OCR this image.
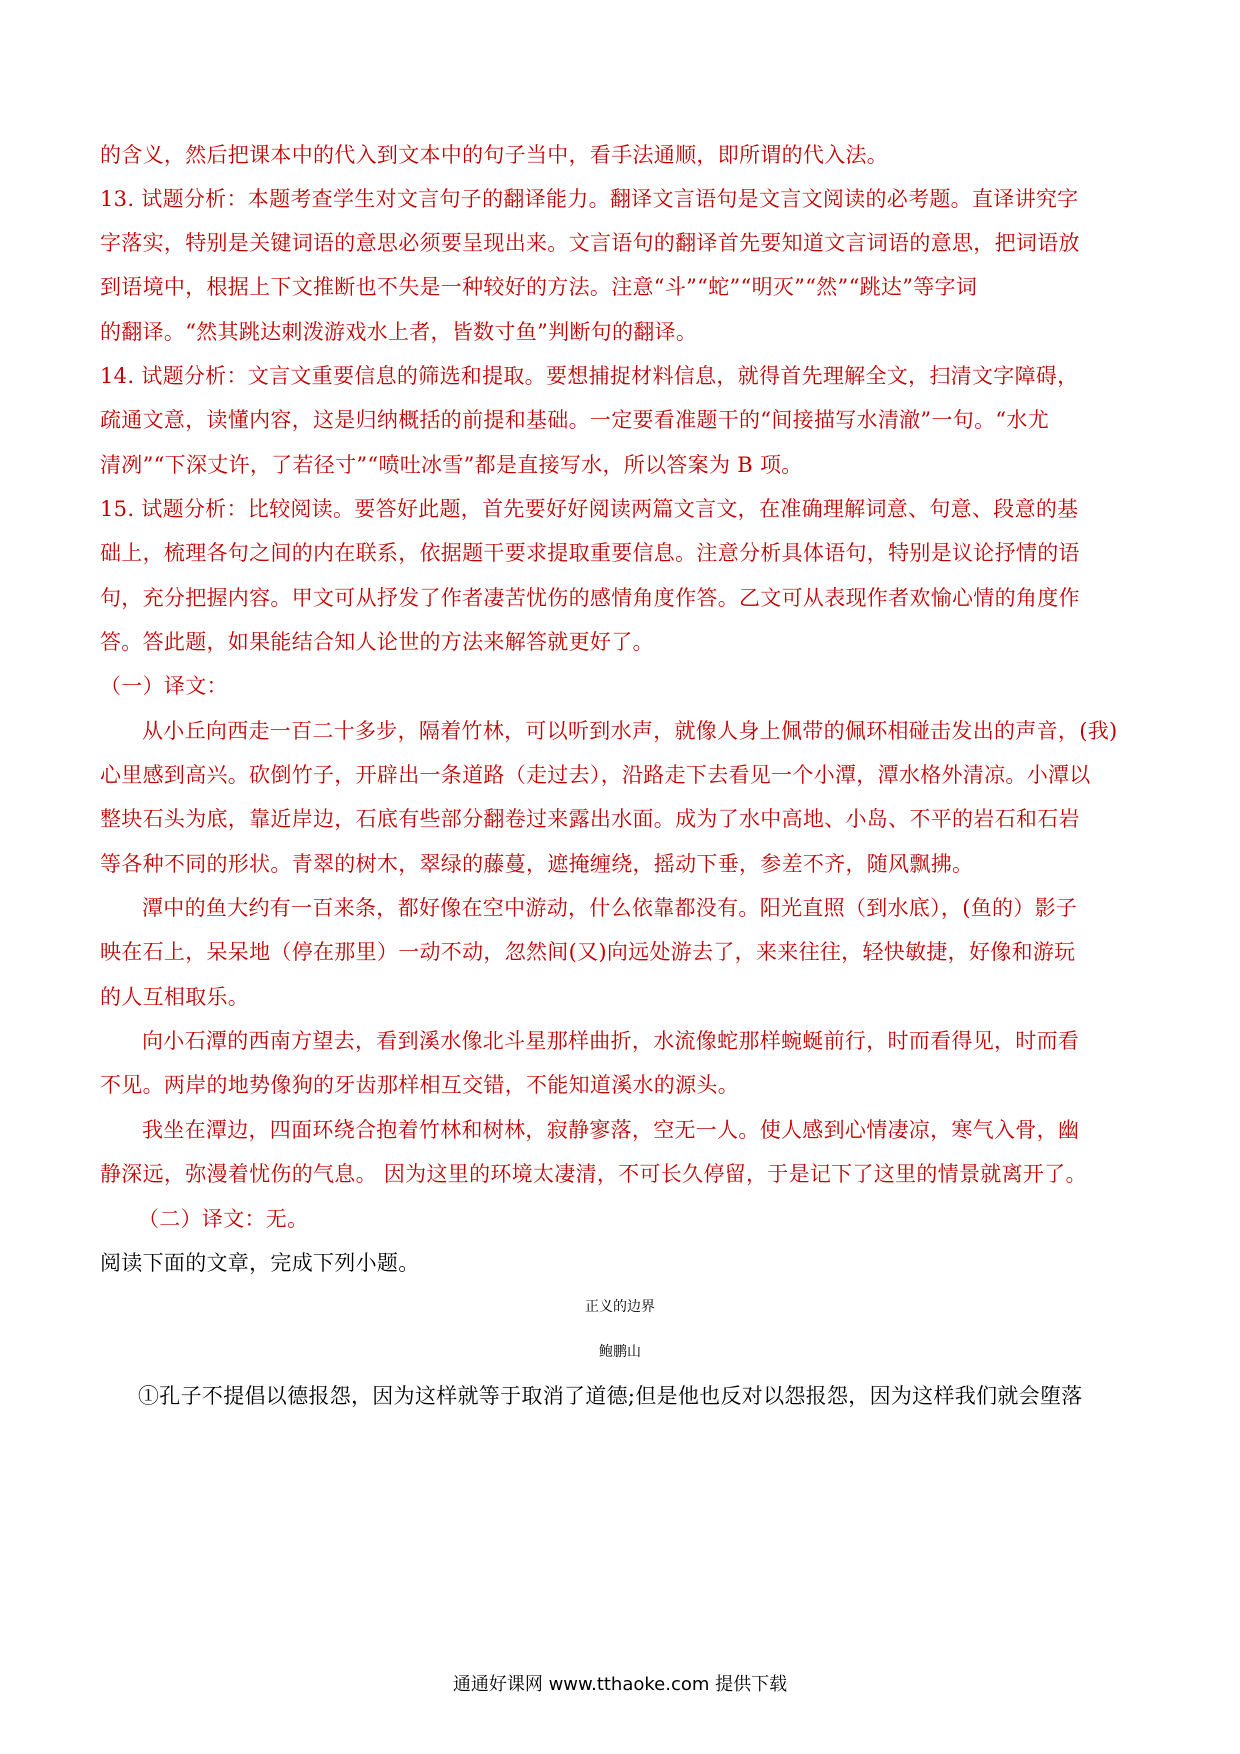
的含义，然后把课本中的代入到文本中的句子当中，看手法通顺，即所谓的代入法。
13. 试题分析：本题考查学生对文言句子的翻译能力。翻译文言语句是文言文阅读的必考题。直译讲究字
字落实，特别是关键词语的意思必须要呈现出来。文言语句的翻译首先要知道文言词语的意思，把词语放
到语境中，根据上下文推断也不失是一种较好的方法。注意“斗”“蛇”“明灭”“然”“跳达”等字词
的翻译。“然其跳达刺泼游戏水上者，皆数寸鱼”判断句的翻译。
14. 试题分析：文言文重要信息的筛选和提取。要想捕捉材料信息，就得首先理解全文，扫清文字障碍，
疏通文意，读懂内容，这是归纳概括的前提和基础。一定要看准题干的“间接描写水清澈”一句。“水尤
清冽”“下深丈许，了若径寸”“喷吐冰雪”都是直接写水，所以答案为 B 项。
15. 试题分析：比较阅读。要答好此题，首先要好好阅读两篇文言文，在准确理解词意、句意、段意的基
础上，梳理各句之间的内在联系，依据题干要求提取重要信息。注意分析具体语句，特别是议论抒情的语
句，充分把握内容。甲文可从抒发了作者凄苦忧伤的感情角度作答。乙文可从表现作者欢愉心情的角度作
答。答此题，如果能结合知人论世的方法来解答就更好了。
（一）译文：
从小丘向西走一百二十多步，隔着竹林，可以听到水声，就像人身上佩带的佩环相碰击发出的声音，(我)
心里感到高兴。砍倒竹子，开辟出一条道路（走过去），沿路走下去看见一个小潭，潭水格外清凉。小潭以
整块石头为底，靠近岸边，石底有些部分翻卷过来露出水面。成为了水中高地、小岛、不平的岩石和石岩
等各种不同的形状。青翠的树木，翠绿的藤蔓，遮掩缠绕，摇动下垂，参差不齐，随风飘拂。
潭中的鱼大约有一百来条，都好像在空中游动，什么依靠都没有。阳光直照（到水底），(鱼的）影子
映在石上，呆呆地（停在那里）一动不动，忽然间(又)向远处游去了，来来往往，轻快敏捷，好像和游玩
的人互相取乐。
向小石潭的西南方望去，看到溪水像北斗星那样曲折，水流像蛇那样蜿蜒前行，时而看得见，时而看
不见。两岸的地势像狗的牙齿那样相互交错，不能知道溪水的源头。
我坐在潭边，四面环绕合抱着竹林和树林，寂静寥落，空无一人。使人感到心情凄凉，寒气入骨，幽
静深远，弥漫着忧伤的气息。 因为这里的环境太凄清，不可长久停留，于是记下了这里的情景就离开了。
（二）译文：无。
阅读下面的文章，完成下列小题。
正义的边界
鲍鹏山
①孔子不提倡以德报怨，因为这样就等于取消了道德;但是他也反对以怨报怨，因为这样我们就会堕落
通通好课网 www.tthaoke.com 提供下载
